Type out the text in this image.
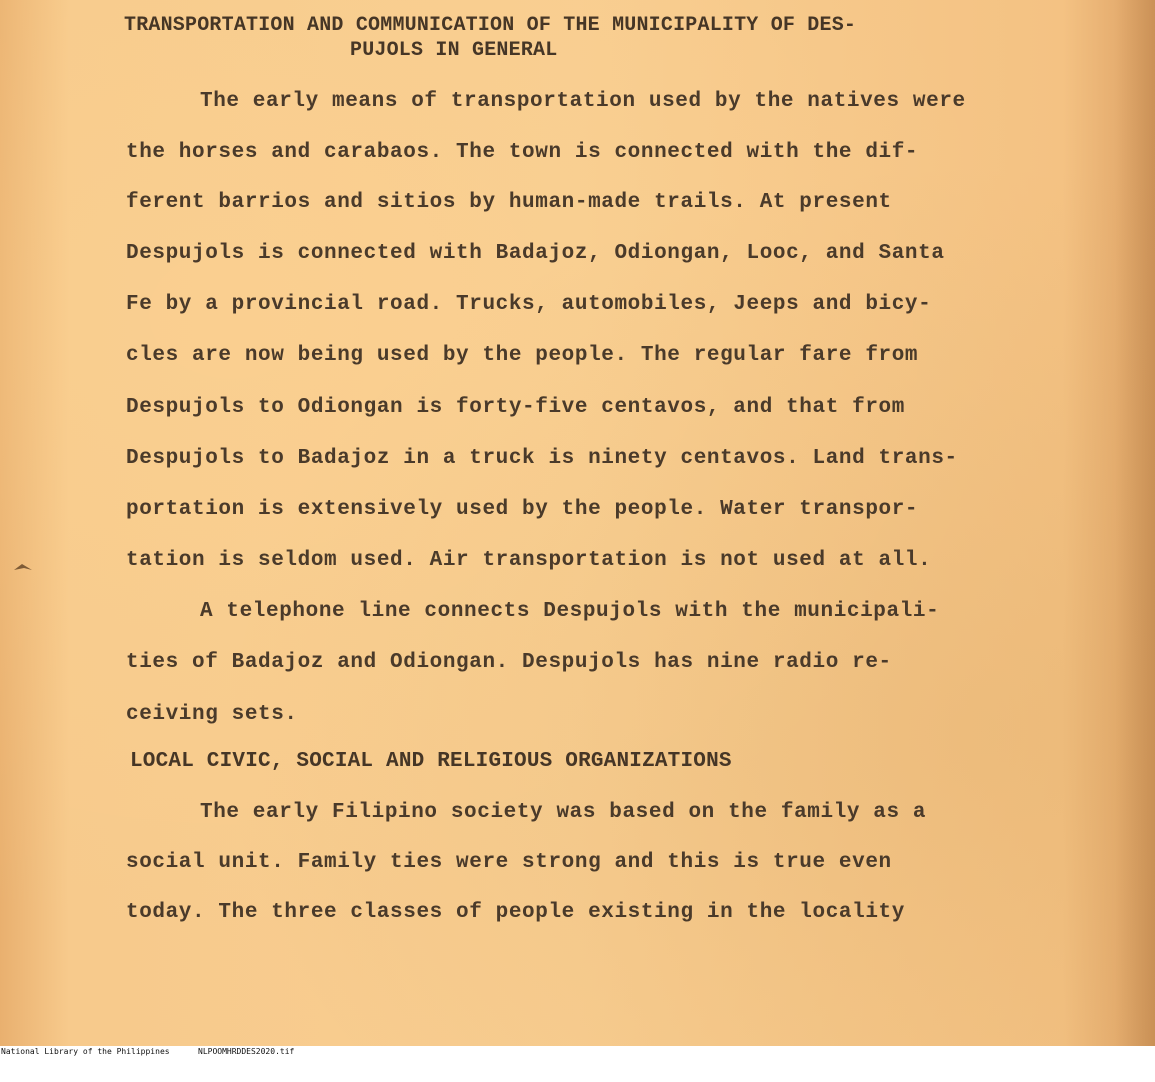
TRANSPORTATION AND COMMUNICATION OF THE MUNICIPALITY OF DES-
PUJOLS IN GENERAL
The early means of transportation used by the natives were
the horses and carabaos. The town is connected with the dif-
ferent barrios and sitios by human-made trails. At present
Despujols is connected with Badajoz, Odiongan, Looc, and Santa
Fe by a provincial road. Trucks, automobiles, Jeeps and bicy-
cles are now being used by the people. The regular fare from
Despujols to Odiongan is forty-five centavos, and that from
Despujols to Badajoz in a truck is ninety centavos. Land trans-
portation is extensively used by the people. Water transpor-
tation is seldom used. Air transportation is not used at all.
A telephone line connects Despujols with the municipali-
ties of Badajoz and Odiongan. Despujols has nine radio re-
ceiving sets.
LOCAL CIVIC, SOCIAL AND RELIGIOUS ORGANIZATIONS
The early Filipino society was based on the family as a
social unit. Family ties were strong and this is true even
today. The three classes of people existing in the locality

National Library of the Philippines

	NLPOOMHRDDES2020.tif
